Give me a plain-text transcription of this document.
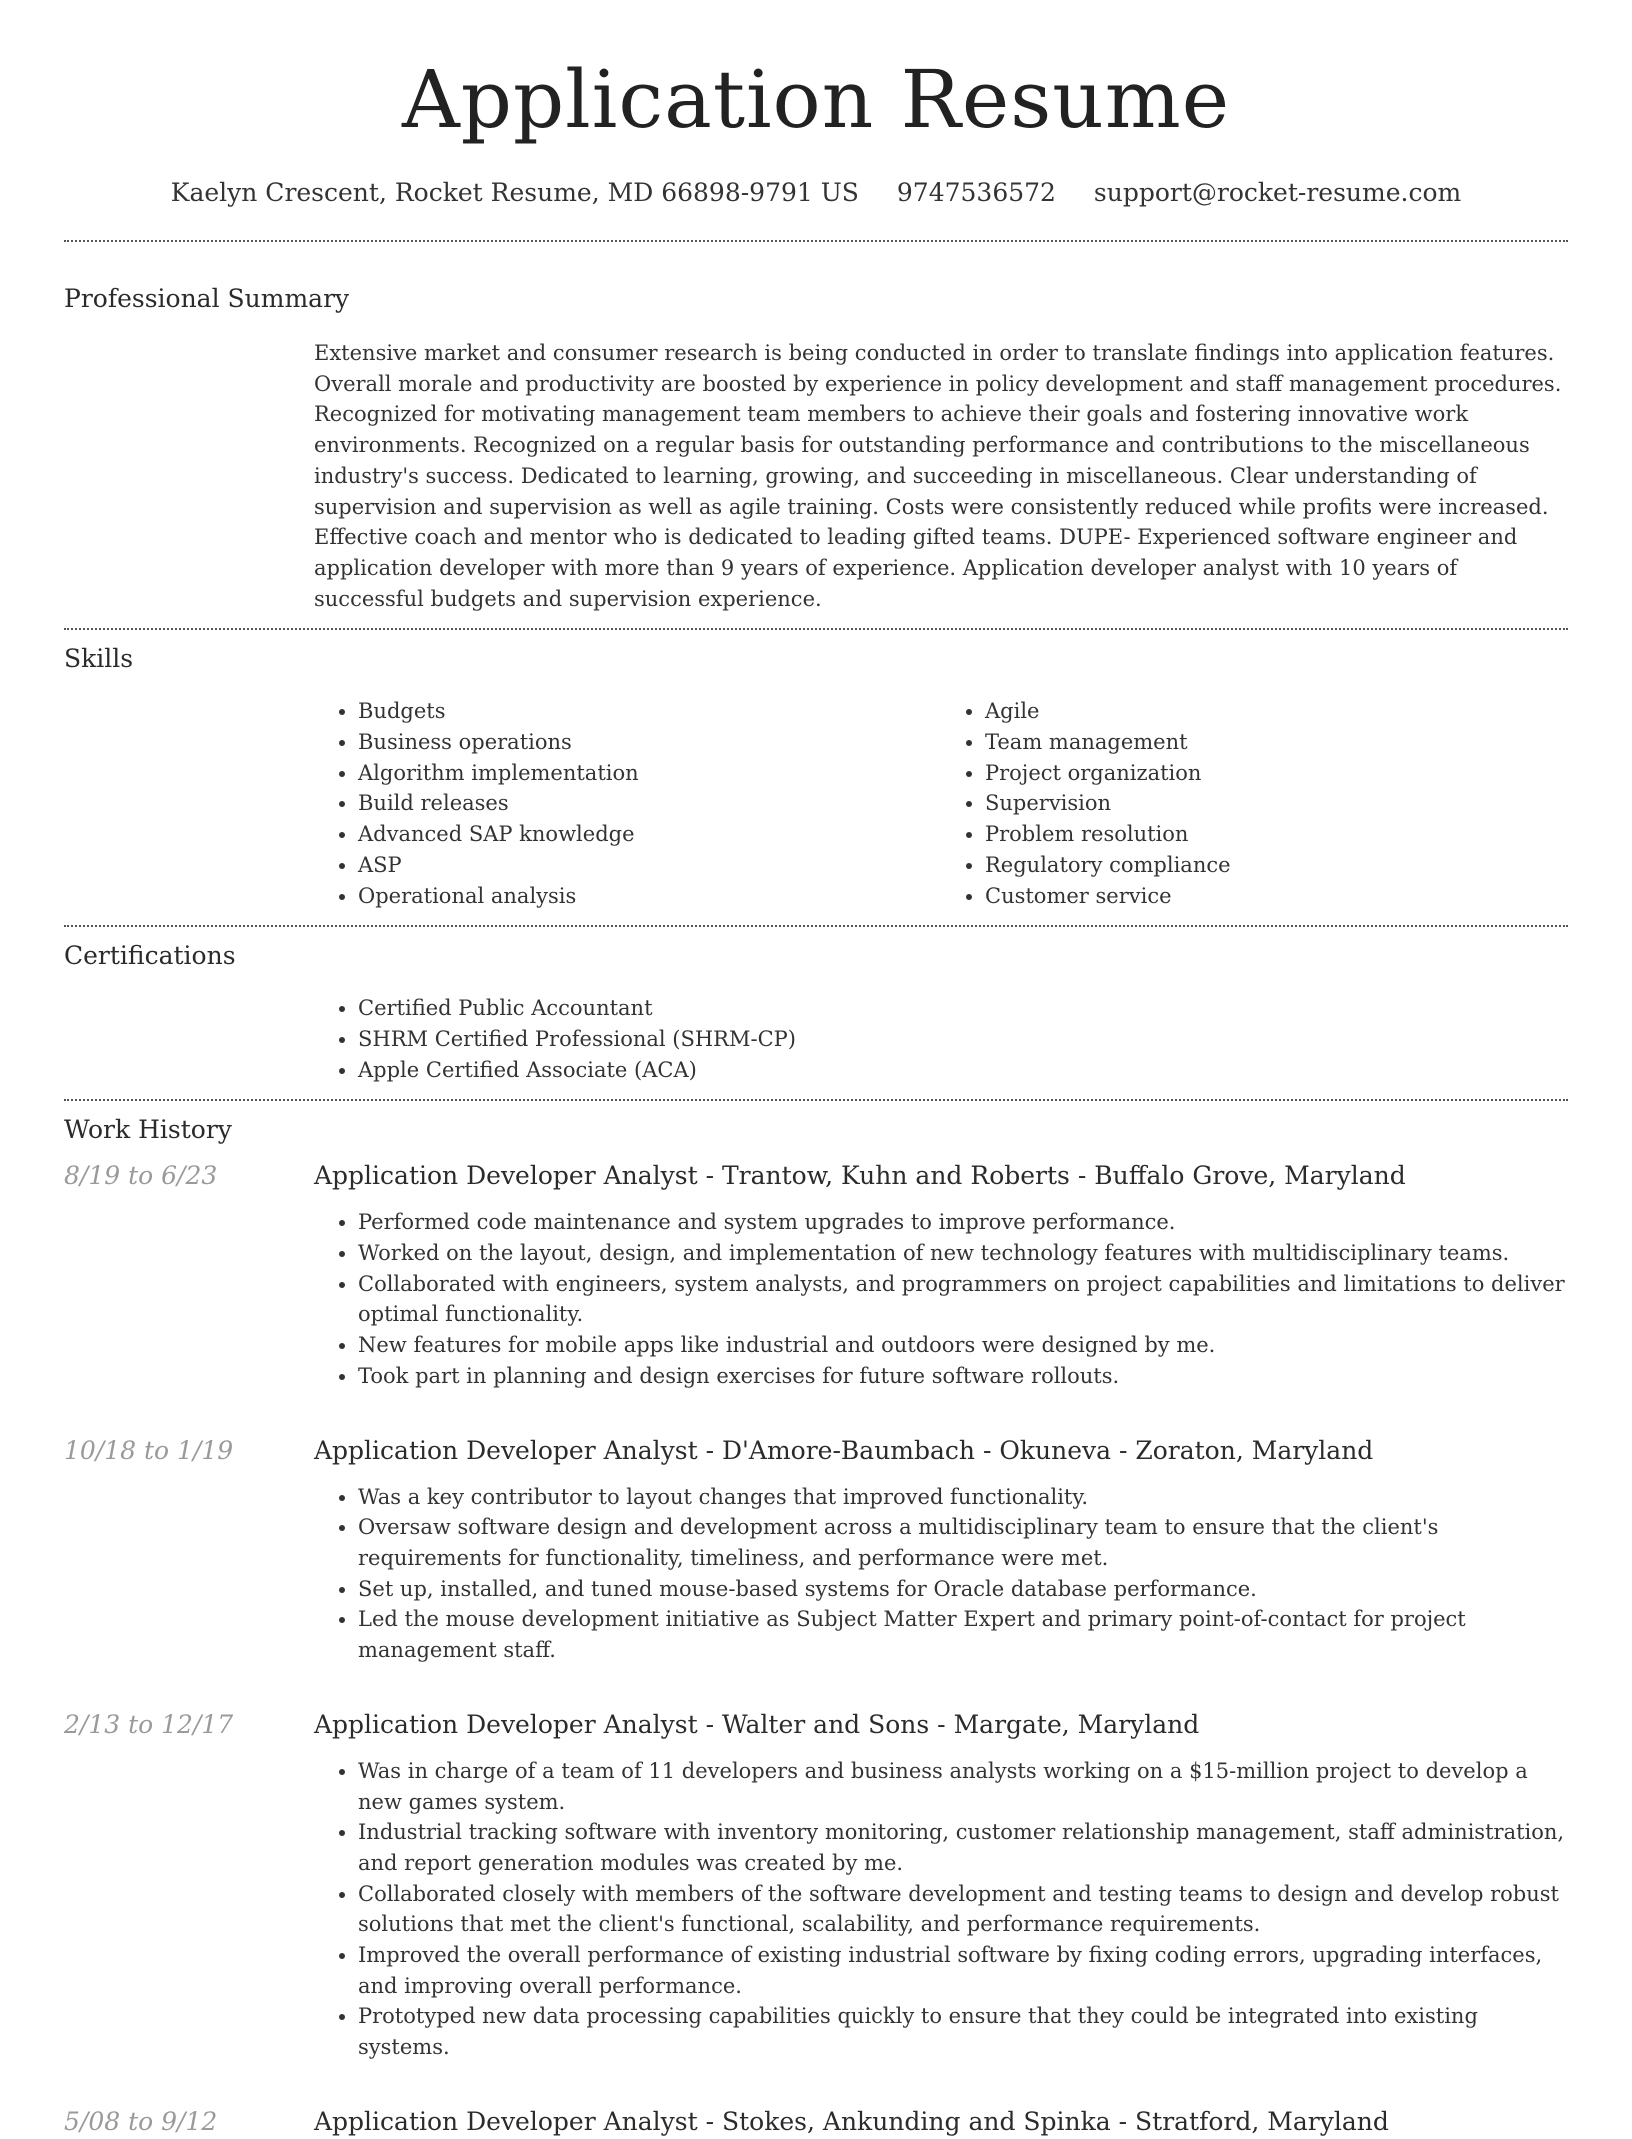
Application Resume
Kaelyn Crescent, Rocket Resume, MD 66898-9791 US 9747536572 support@rocket-resume.com
Professional Summary
Extensive market and consumer research is being conducted in order to translate findings into application features. Overall morale and productivity are boosted by experience in policy development and staff management procedures. Recognized for motivating management team members to achieve their goals and fostering innovative work environments. Recognized on a regular basis for outstanding performance and contributions to the miscellaneous industry's success. Dedicated to learning, growing, and succeeding in miscellaneous. Clear understanding of supervision and supervision as well as agile training. Costs were consistently reduced while profits were increased. Effective coach and mentor who is dedicated to leading gifted teams. DUPE- Experienced software engineer and application developer with more than 9 years of experience. Application developer analyst with 10 years of successful budgets and supervision experience.
Skills
• Budgets
• Business operations
• Algorithm implementation
• Build releases
• Advanced SAP knowledge
• ASP
• Operational analysis
• Agile
• Team management
• Project organization
• Supervision
• Problem resolution
• Regulatory compliance
• Customer service
Certifications
• Certified Public Accountant
• SHRM Certified Professional (SHRM-CP)
• Apple Certified Associate (ACA)
Work History
8/19 to 6/23	Application Developer Analyst - Trantow, Kuhn and Roberts - Buffalo Grove, Maryland
• Performed code maintenance and system upgrades to improve performance.
• Worked on the layout, design, and implementation of new technology features with multidisciplinary teams.
• Collaborated with engineers, system analysts, and programmers on project capabilities and limitations to deliver optimal functionality.
• New features for mobile apps like industrial and outdoors were designed by me.
• Took part in planning and design exercises for future software rollouts.
10/18 to 1/19	Application Developer Analyst - D'Amore-Baumbach - Okuneva - Zoraton, Maryland
• Was a key contributor to layout changes that improved functionality.
• Oversaw software design and development across a multidisciplinary team to ensure that the client's requirements for functionality, timeliness, and performance were met.
• Set up, installed, and tuned mouse-based systems for Oracle database performance.
• Led the mouse development initiative as Subject Matter Expert and primary point-of-contact for project management staff.
2/13 to 12/17	Application Developer Analyst - Walter and Sons - Margate, Maryland
• Was in charge of a team of 11 developers and business analysts working on a $15-million project to develop a new games system.
• Industrial tracking software with inventory monitoring, customer relationship management, staff administration, and report generation modules was created by me.
• Collaborated closely with members of the software development and testing teams to design and develop robust solutions that met the client's functional, scalability, and performance requirements.
• Improved the overall performance of existing industrial software by fixing coding errors, upgrading interfaces, and improving overall performance.
• Prototyped new data processing capabilities quickly to ensure that they could be integrated into existing systems.
5/08 to 9/12	Application Developer Analyst - Stokes, Ankunding and Spinka - Stratford, Maryland
